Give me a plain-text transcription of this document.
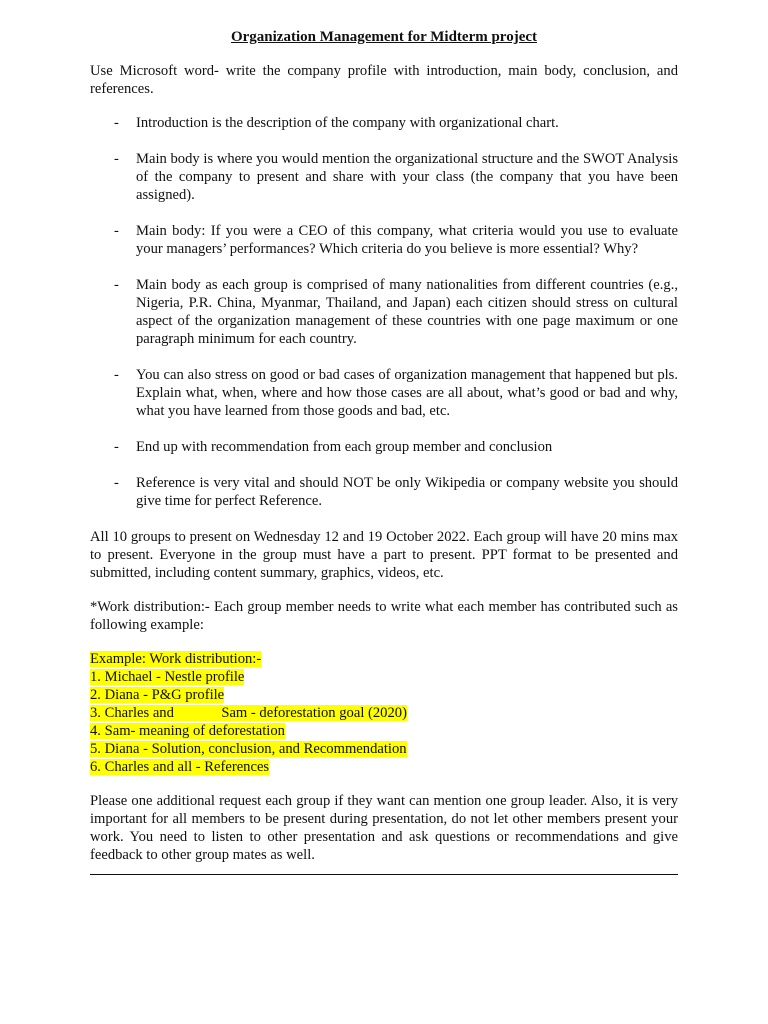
Organization Management for Midterm project
Use Microsoft word- write the company profile with introduction, main body, conclusion, and references.
- Introduction is the description of the company with organizational chart.
- Main body is where you would mention the organizational structure and the SWOT Analysis of the company to present and share with your class (the company that you have been assigned).
- Main body: If you were a CEO of this company, what criteria would you use to evaluate your managers’ performances? Which criteria do you believe is more essential? Why?
- Main body as each group is comprised of many nationalities from different countries (e.g., Nigeria, P.R. China, Myanmar, Thailand, and Japan) each citizen should stress on cultural aspect of the organization management of these countries with one page maximum or one paragraph minimum for each country.
- You can also stress on good or bad cases of organization management that happened but pls. Explain what, when, where and how those cases are all about, what’s good or bad and why, what you have learned from those goods and bad, etc.
- End up with recommendation from each group member and conclusion
- Reference is very vital and should NOT be only Wikipedia or company website you should give time for perfect Reference.
All 10 groups to present on Wednesday 12 and 19 October 2022. Each group will have 20 mins max to present. Everyone in the group must have a part to present. PPT format to be presented and submitted, including content summary, graphics, videos, etc.
*Work distribution:- Each group member needs to write what each member has contributed such as following example:
Example: Work distribution:-
1. Michael - Nestle profile
2. Diana - P&G profile
3. Charles and             Sam - deforestation goal (2020)
4. Sam- meaning of deforestation
5. Diana - Solution, conclusion, and Recommendation
6. Charles and all - References
Please one additional request each group if they want can mention one group leader. Also, it is very important for all members to be present during presentation, do not let other members present your work. You need to listen to other presentation and ask questions or recommendations and give feedback to other group mates as well.
